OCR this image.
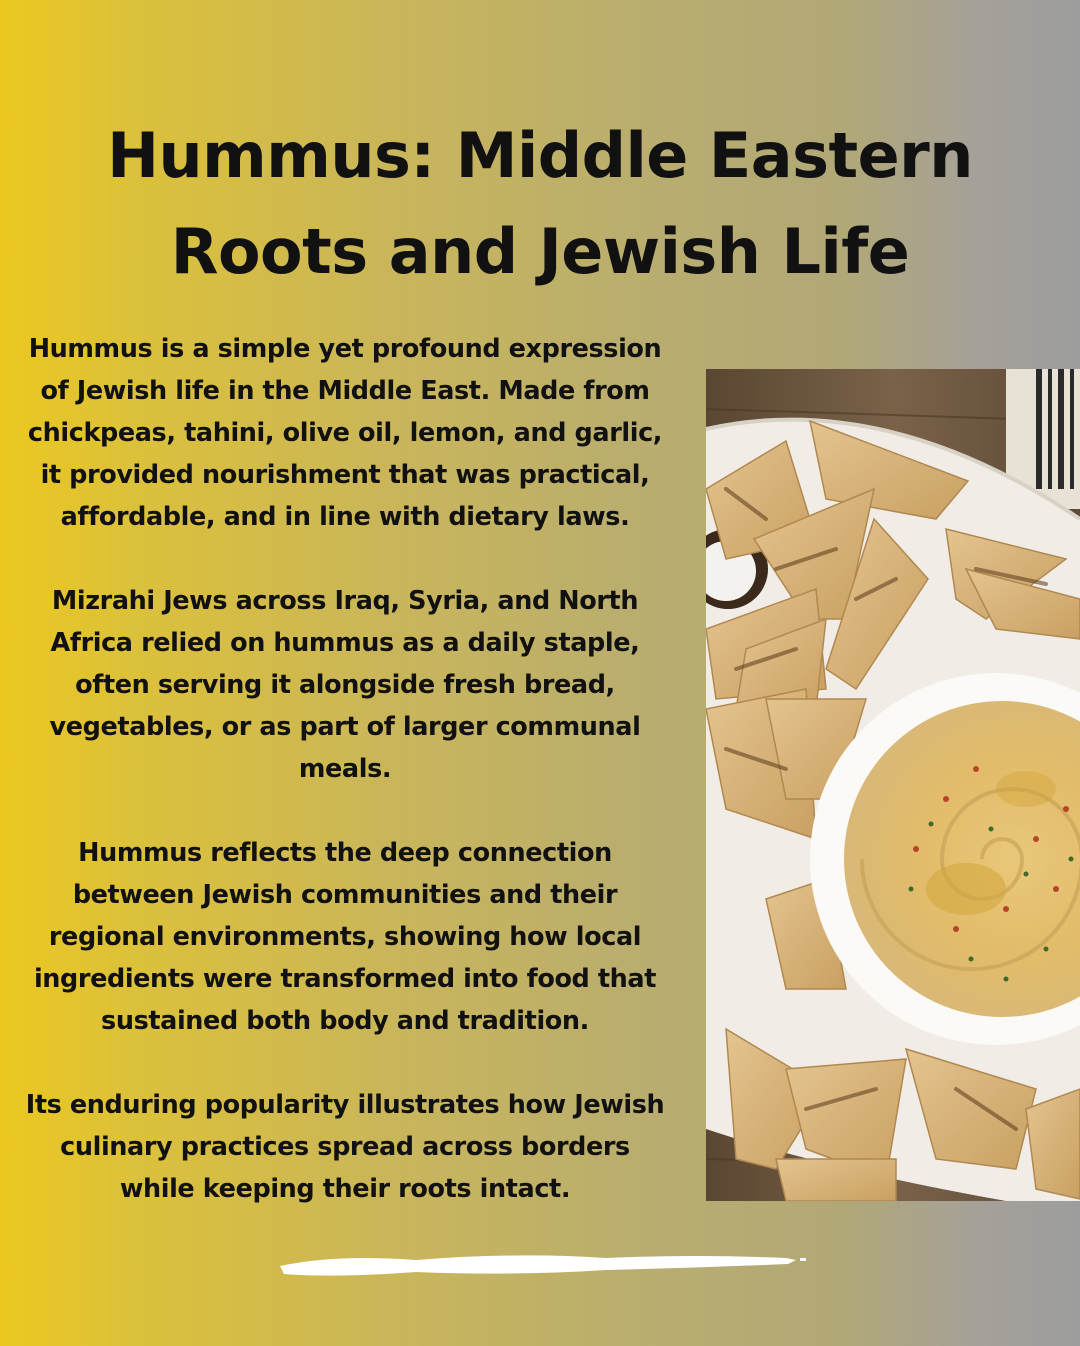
Hummus: Middle Eastern
Roots and Jewish Life

Hummus is a simple yet profound expression of Jewish life in the Middle East. Made from chickpeas, tahini, olive oil, lemon, and garlic, it provided nourishment that was practical, affordable, and in line with dietary laws.

Mizrahi Jews across Iraq, Syria, and North Africa relied on hummus as a daily staple, often serving it alongside fresh bread, vegetables, or as part of larger communal meals.

Hummus reflects the deep connection between Jewish communities and their regional environments, showing how local ingredients were transformed into food that sustained both body and tradition.

Its enduring popularity illustrates how Jewish culinary practices spread across borders while keeping their roots intact.
